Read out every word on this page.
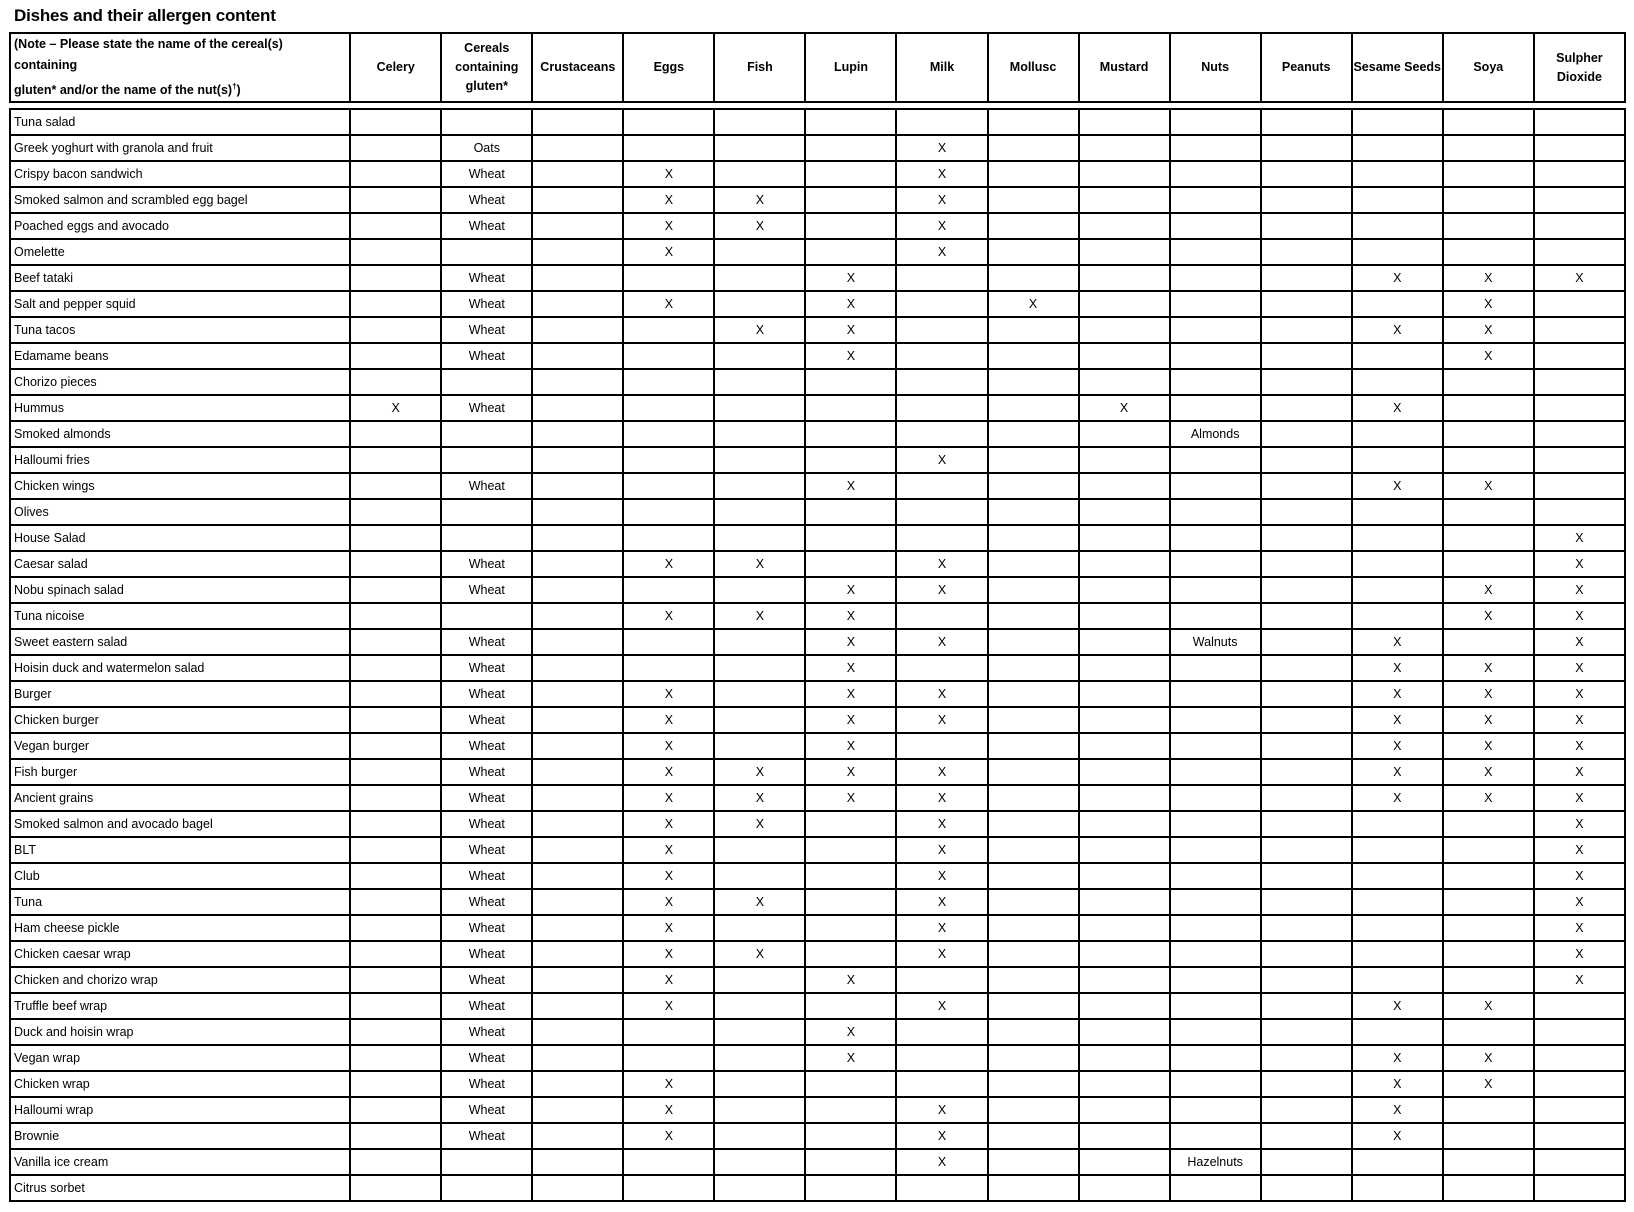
Dishes and their allergen content
(Note – Please state the name of the cereal(s) containing
gluten* and/or the name of the nut(s)†)	Celery	Cereals containing gluten*	Crustaceans	Eggs	Fish	Lupin	Milk	Mollusc	Mustard	Nuts	Peanuts	Sesame Seeds	Soya	Sulpher Dioxide
Tuna salad														
Greek yoghurt with granola and fruit		Oats					X							
Crispy bacon sandwich		Wheat		X			X							
Smoked salmon and scrambled egg bagel		Wheat		X	X		X							
Poached eggs and avocado		Wheat		X	X		X							
Omelette				X			X							
Beef tataki		Wheat				X						X	X	X
Salt and pepper squid		Wheat		X		X		X					X	
Tuna tacos		Wheat			X	X						X	X	
Edamame beans		Wheat				X							X	
Chorizo pieces														
Hummus	X	Wheat							X			X		
Smoked almonds										Almonds				
Halloumi fries							X							
Chicken wings		Wheat				X						X	X	
Olives														
House Salad														X
Caesar salad		Wheat		X	X		X							X
Nobu spinach salad		Wheat				X	X						X	X
Tuna nicoise				X	X	X							X	X
Sweet eastern salad		Wheat				X	X			Walnuts		X		X
Hoisin duck and watermelon salad		Wheat				X						X	X	X
Burger		Wheat		X		X	X					X	X	X
Chicken burger		Wheat		X		X	X					X	X	X
Vegan burger		Wheat		X		X						X	X	X
Fish burger		Wheat		X	X	X	X					X	X	X
Ancient grains		Wheat		X	X	X	X					X	X	X
Smoked salmon and avocado bagel		Wheat		X	X		X							X
BLT		Wheat		X			X							X
Club		Wheat		X			X							X
Tuna		Wheat		X	X		X							X
Ham cheese pickle		Wheat		X			X							X
Chicken caesar wrap		Wheat		X	X		X							X
Chicken and chorizo wrap		Wheat		X		X								X
Truffle beef wrap		Wheat		X			X					X	X	
Duck and hoisin wrap		Wheat				X								
Vegan wrap		Wheat				X						X	X	
Chicken wrap		Wheat		X								X	X	
Halloumi wrap		Wheat		X			X					X		
Brownie		Wheat		X			X					X		
Vanilla ice cream							X			Hazelnuts				
Citrus sorbet														
